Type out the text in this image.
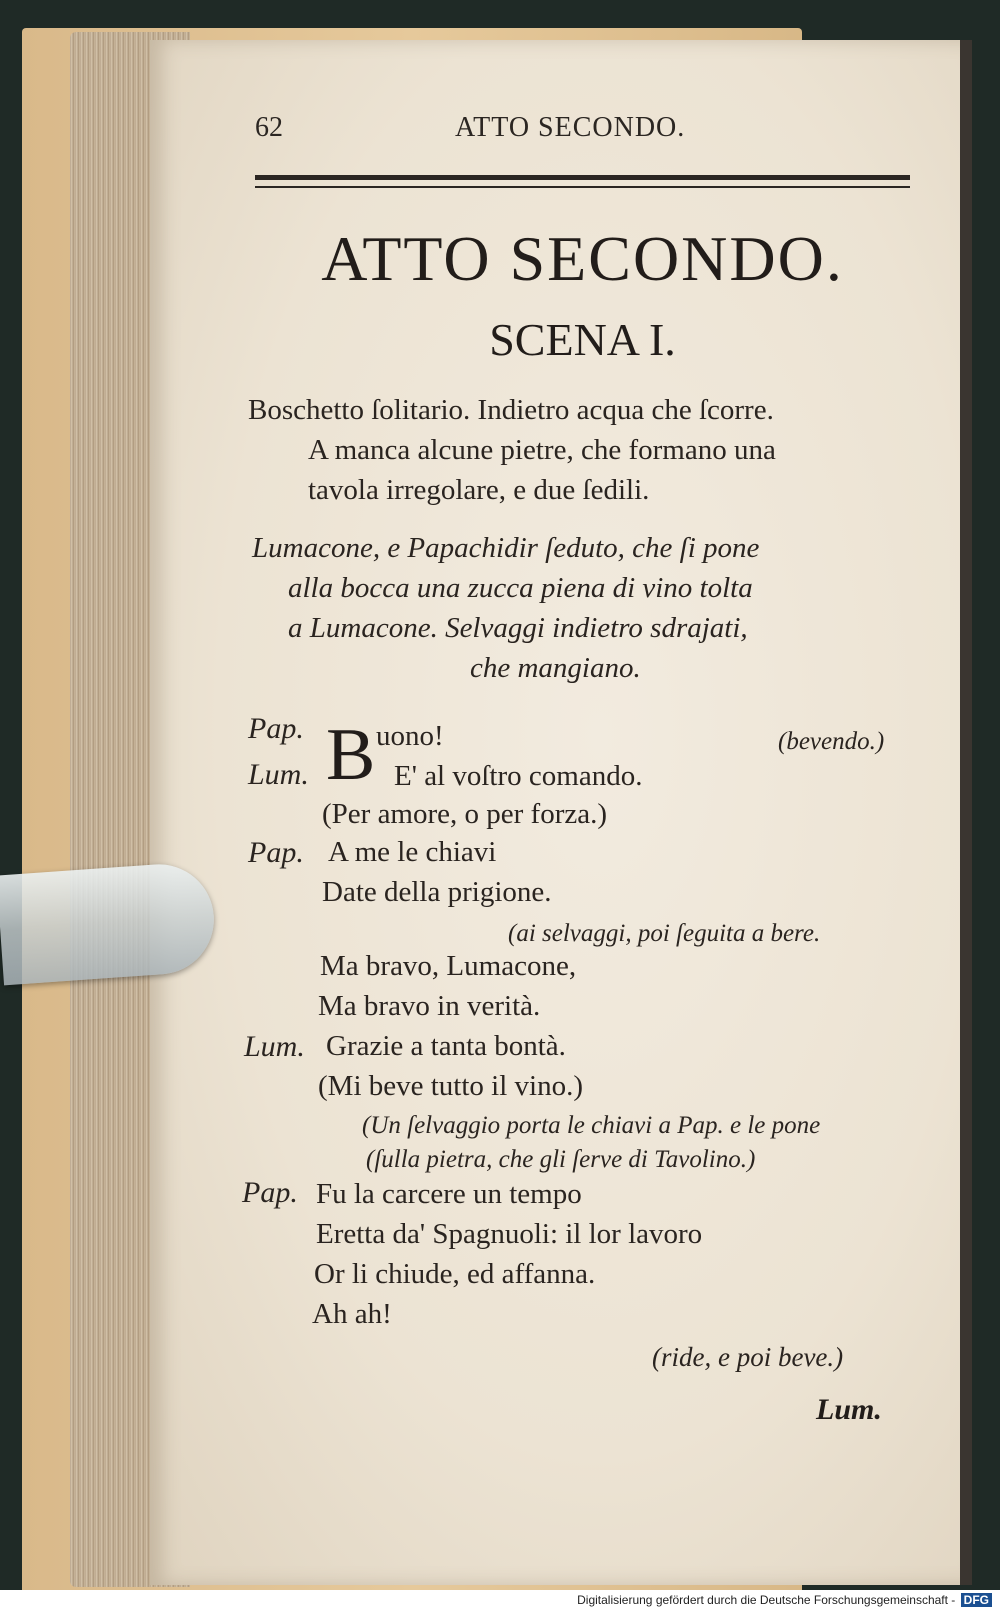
62	ATTO SECONDO.
ATTO SECONDO.
SCENA I.
Boschetto ſolitario. Indietro acqua che ſcorre.
A manca alcune pietre, che formano una
tavola irregolare, e due ſedili.
Lumacone, e Papachidir ſeduto, che ſi pone
alla bocca una zucca piena di vino tolta
a Lumacone. Selvaggi indietro sdrajati,
che mangiano.
Pap. B uono!	(bevendo.)
Lum.	E' al voſtro comando.
(Per amore, o per forza.)
Pap. A me le chiavi
Date della prigione.
(ai selvaggi, poi ſeguita a bere.
Ma bravo, Lumacone,
Ma bravo in verità.
Lum. Grazie a tanta bontà.
(Mi beve tutto il vino.)
(Un ſelvaggio porta le chiavi a Pap. e le pone
(ſulla pietra, che gli ſerve di Tavolino.)
Pap. Fu la carcere un tempo
Eretta da' Spagnuoli: il lor lavoro
Or li chiude, ed affanna.
Ah ah!
(ride, e poi beve.)
Lum.
Digitalisierung gefördert durch die Deutsche Forschungsgemeinschaft - DFG
